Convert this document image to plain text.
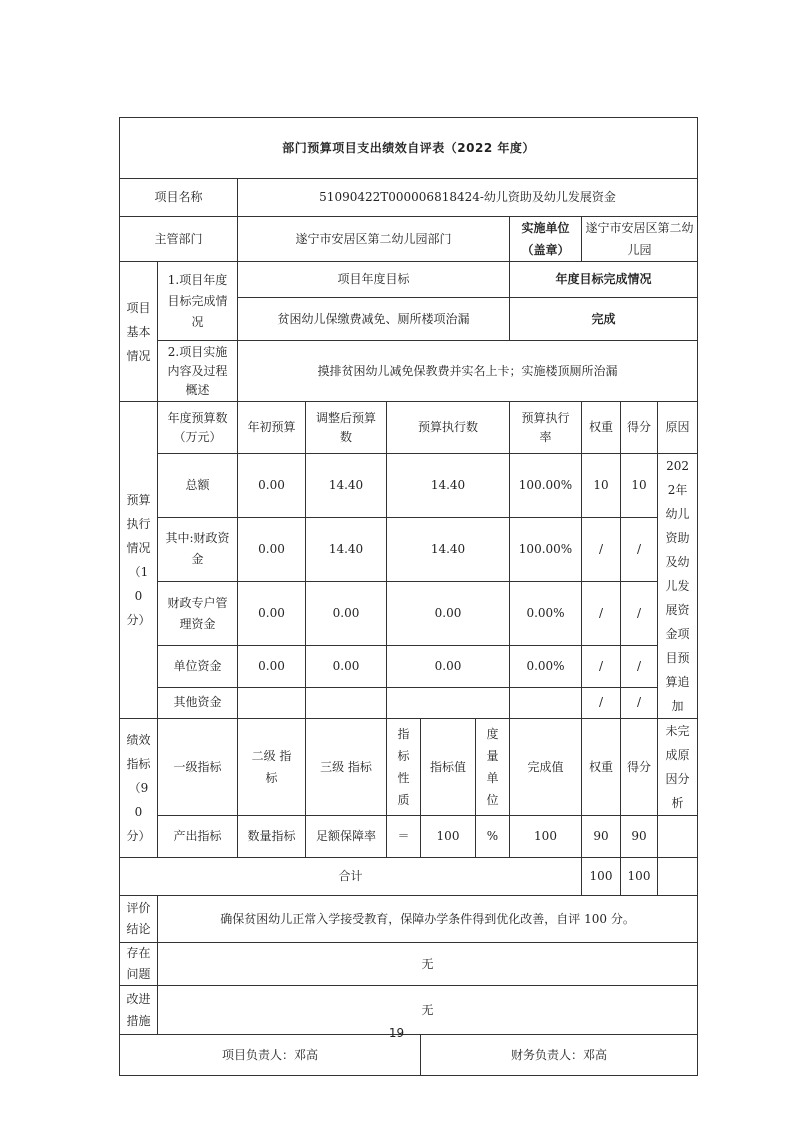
部门预算项目支出绩效自评表（2022 年度）										
项目名称		51090422T000006818424-幼儿资助及幼儿发展资金								
主管部门		遂宁市安居区第二幼儿园部门					实施单位（盖章）	遂宁市安居区第二幼儿园		
项目基本情况	1.项目年度目标完成情况	项目年度目标					年度目标完成情况			
		贫困幼儿保缴费减免、厕所楼项治漏					完成			
	2.项目实施内容及过程概述	摸排贫困幼儿减免保教费并实名上卡；实施楼顶厕所治漏								
预算执行情况（10分）	年度预算数（万元）	年初预算	调整后预算数	预算执行数			预算执行率	权重	得分	原因
	总额	0.00	14.40	14.40			100.00%	10	10	2022年幼儿资助及幼儿发展资金项目预算追加
	其中:财政资金	0.00	14.40	14.40			100.00%	/	/	
	财政专户管理资金	0.00	0.00	0.00			0.00%	/	/	
	单位资金	0.00	0.00	0.00			0.00%	/	/	
	其他资金							/	/	
绩效指标（90分）	一级指标	二级 指标	三级 指标	指标性质	指标值	度量单位	完成值	权重	得分	未完成原因分析
	产出指标	数量指标	足额保障率	＝	100	%	100	90	90	
合计								100	100	
评价结论	确保贫困幼儿正常入学接受教育，保障办学条件得到优化改善，自评 100 分。									
存在问题	无									
改进措施	无									
项目负责人：邓高					财务负责人：邓高					
19
